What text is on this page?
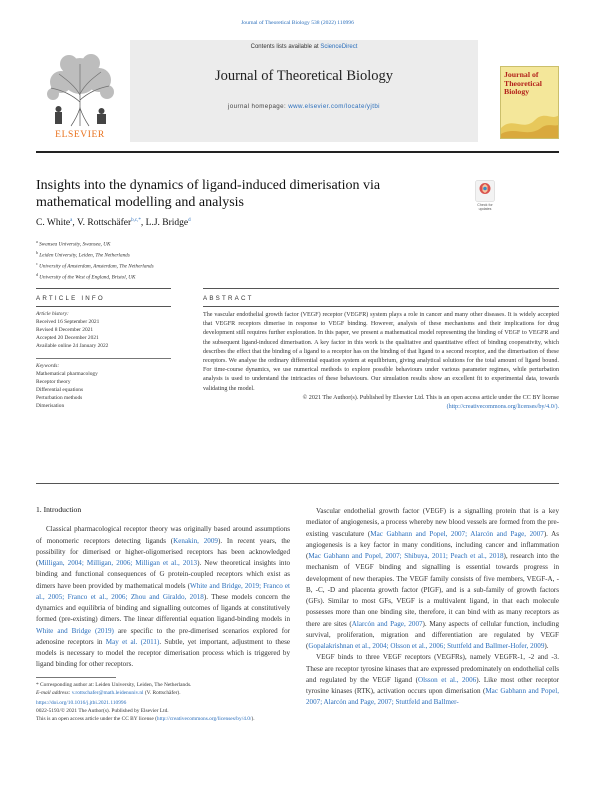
Journal of Theoretical Biology 538 (2022) 110996
ELSEVIER
Contents lists available at ScienceDirect
Journal of Theoretical Biology
journal homepage: www.elsevier.com/locate/yjtbi
Journal of
Theoretical
Biology
Insights into the dynamics of ligand-induced dimerisation via mathematical modelling and analysis	Check for
updates
C. White$^a$, V. Rottschäfer$^{b,c,*}$, L.J. Bridge$^d$
$^a$ Swansea University, Swansea, UK
$^b$ Leiden University, Leiden, The Netherlands
$^c$ University of Amsterdam, Amsterdam, The Netherlands
$^d$ University of the West of England, Bristol, UK
ARTICLE INFO	ABSTRACT
Article history:
Received 16 September 2021
Revised 8 December 2021
Accepted 20 December 2021
Available online 24 January 2022
Keywords:
Mathematical pharmacology
Receptor theory
Differential equations
Perturbation methods
Dimerisation
The vascular endothelial growth factor (VEGF) receptor (VEGFR) system plays a role in cancer and many other diseases. It is widely accepted that VEGFR receptors dimerise in response to VEGF binding. However, analysis of these mechanisms and their implications for drug development still requires further exploration. In this paper, we present a mathematical model representing the binding of VEGF to VEGFR and the subsequent ligand-induced dimerisation. A key factor in this work is the qualitative and quantitative effect of binding cooperativity, which describes the effect that the binding of a ligand to a receptor has on the binding of that ligand to a second receptor, and the dimerisation of these receptors. We analyse the ordinary differential equation system at equilibrium, giving analytical solutions for the total amount of ligand bound. For time-course dynamics, we use numerical methods to explore possible behaviours under various parameter regimes, while perturbation analysis is used to understand the intricacies of these behaviours. Our simulation results show an excellent fit to experimental data, towards validating the model.
© 2021 The Author(s). Published by Elsevier Ltd. This is an open access article under the CC BY license
(http://creativecommons.org/licenses/by/4.0/).
1. Introduction

Classical pharmacological receptor theory was originally based around assumptions of monomeric receptors detecting ligands (Kenakin, 2009). In recent years, the possibility for dimerised or higher-oligomerised receptors has been acknowledged (Milligan, 2004; Milligan, 2006; Milligan et al., 2013). New theoretical insights into binding and functional consequences of G protein-coupled receptors which exist as dimers have been provided by mathematical models (White and Bridge, 2019; Franco et al., 2005; Franco et al., 2006; Zhou and Giraldo, 2018). These models concern the dynamics and equilibria of binding and signalling outcomes of ligands at constitutively formed (pre-existing) dimers. The linear differential equation ligand-binding models in White and Bridge (2019) are specific to the pre-dimerised scenarios explored for adenosine receptors in May et al. (2011). Subtle, yet important, adjustment to these models is necessary to model the receptor dimerisation process which is triggered by ligand binding for other receptors.

Vascular endothelial growth factor (VEGF) is a signalling protein that is a key mediator of angiogenesis, a process whereby new blood vessels are formed from the pre-existing vasculature (Mac Gabhann and Popel, 2007; Alarcón and Page, 2007). As angiogenesis is a key factor in many conditions, including cancer and inflammation (Mac Gabhann and Popel, 2007; Shibuya, 2011; Peach et al., 2018), research into the mechanism of VEGF binding and signalling is essential towards progress in development of new therapies. The VEGF family consists of five members, VEGF-A, -B, -C, -D and placenta growth factor (PIGF), and is a sub-family of growth factors (GFs). Similar to most GFs, VEGF is a multivalent ligand, in that each molecule possesses more than one binding site, therefore, it can bind with as many receptors as there are sites (Alarcón and Page, 2007). Many aspects of cellular function, including survival, proliferation, migration and differentiation are regulated by VEGF (Gopalakrishnan et al., 2004; Olsson et al., 2006; Stuttfeld and Ballmer-Hofer, 2009).

VEGF binds to three VEGF receptors (VEGFRs), namely VEGFR-1, -2 and -3. These are receptor tyrosine kinases that are expressed predominately on endothelial cells and regulated by the VEGF ligand (Olsson et al., 2006). Like most other receptor tyrosine kinases (RTK), activation occurs upon dimerisation (Mac Gabhann and Popel, 2007; Alarcón and Page, 2007; Stuttfeld and Ballmer-

* Corresponding author at: Leiden University, Leiden, The Netherlands.
E-mail address: v.rottschafer@math.leidenuniv.nl (V. Rottschäfer).
https://doi.org/10.1016/j.jtbi.2021.110996
0022-5193/© 2021 The Author(s). Published by Elsevier Ltd.
This is an open access article under the CC BY license (http://creativecommons.org/licenses/by/4.0/).
